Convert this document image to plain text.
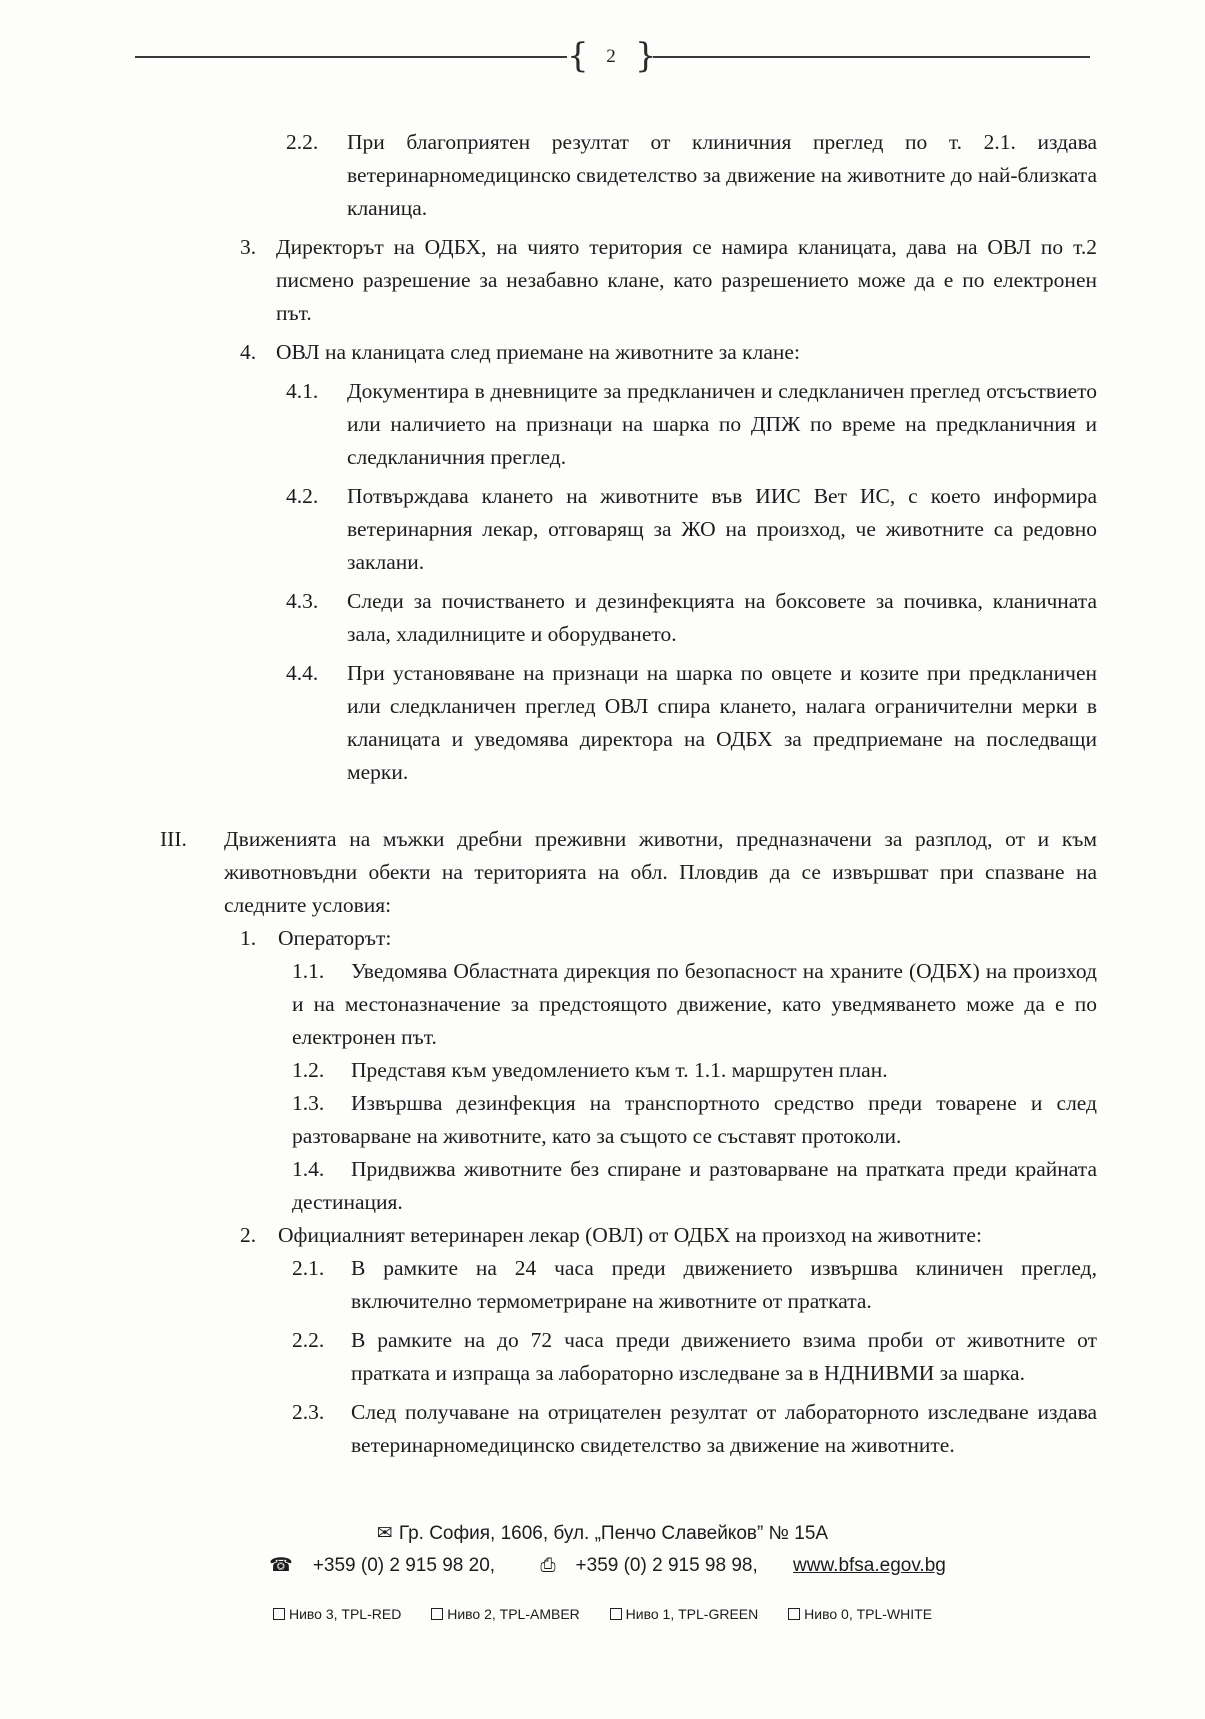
{ 2 }
2.2. При благоприятен резултат от клиничния преглед по т. 2.1. издава ветеринарномедицинско свидетелство за движение на животните до най-близката кланица.
3. Директорът на ОДБХ, на чиято територия се намира кланицата, дава на ОВЛ по т.2 писмено разрешение за незабавно клане, като разрешението може да е по електронен път.
4. ОВЛ на кланицата след приемане на животните за клане:
4.1. Документира в дневниците за предкланичен и следкланичен преглед отсъствието или наличието на признаци на шарка по ДПЖ по време на предкланичния и следкланичния преглед.
4.2. Потвърждава клането на животните във ИИС Вет ИС, с което информира ветеринарния лекар, отговарящ за ЖО на произход, че животните са редовно заклани.
4.3. Следи за почистването и дезинфекцията на боксовете за почивка, кланичната зала, хладилниците и оборудването.
4.4. При установяване на признаци на шарка по овцете и козите при предкланичен или следкланичен преглед ОВЛ спира клането, налага ограничителни мерки в кланицата и уведомява директора на ОДБХ за предприемане на последващи мерки.
III. Движенията на мъжки дребни преживни животни, предназначени за разплод, от и към животновъдни обекти на територията на обл. Пловдив да се извършват при спазване на следните условия:
1. Операторът:
1.1.	Уведомява Областната дирекция по безопасност на храните (ОДБХ) на произход и на местоназначение за предстоящото движение, като уведмяването може да е по електронен път.
1.2.	Представя към уведомлението към т. 1.1. маршрутен план.
1.3.	Извършва дезинфекция на транспортното средство преди товарене и след разтоварване на животните, като за същото се съставят протоколи.
1.4.	Придвижва животните без спиране и разтоварване на пратката преди крайната дестинация.
2. Официалният ветеринарен лекар (ОВЛ) от ОДБХ на произход на животните:
2.1. В рамките на 24 часа преди движението извършва клиничен преглед, включително термометриране на животните от пратката.
2.2. В рамките на до 72 часа преди движението взима проби от животните от пратката и изпраща за лабораторно изследване за в НДНИВМИ за шарка.
2.3. След получаване на отрицателен резултат от лабораторното изследване издава ветеринарномедицинско свидетелство за движение на животните.
✉ Гр. София, 1606, бул. „Пенчо Славейков” № 15А
☎ +359 (0) 2 915 98 20, ⎙ +359 (0) 2 915 98 98, www.bfsa.egov.bg
Ниво 3, TPL-RED	Ниво 2, TPL-AMBER	Ниво 1, TPL-GREEN	Ниво 0, TPL-WHITE
